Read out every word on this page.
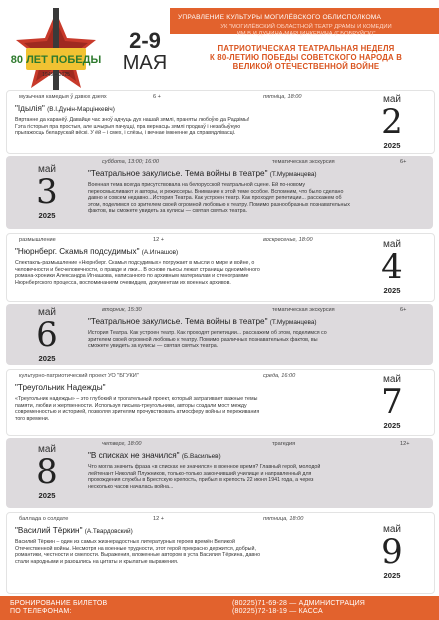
80 ЛЕТ ПОБЕДЫ
1945 – 2025
УПРАВЛЕНИЕ КУЛЬТУРЫ МОГИЛЁВСКОГО ОБЛИСПОЛКОМА
УК "МОГИЛЁВСКИЙ ОБЛАСТНОЙ ТЕАТР ДРАМЫ И КОМЕДИИ
ИМ.В.И.ДУНИНА-МАРЦИНКЕВИЧА (Г.БОБРУЙСК)"
2-9
МАЯ
ПАТРИОТИЧЕСКАЯ ТЕАТРАЛЬНАЯ НЕДЕЛЯ
К 80-ЛЕТИЮ ПОБЕДЫ СОВЕТСКОГО НАРОДА В
ВЕЛИКОЙ ОТЕЧЕСТВЕННОЙ ВОЙНЕ
музычная камедыя ў дзвюх дзеях	6 +	пятніца, 18:00
"Ідылія" (В.І.Дунін-Марцінкевіч)
Вяртанне да каранёў. Давайце час знοў адчуць дух нашай зямлі, праняты любоўю да Радзімы!
Гэта гісторыя пра простыя, але шчырыя пачуцці, пра вернасць зямлі продкаў і незабыўную
прыгажосць беларускай вёскі. У ёй – і смех, і слёзы, і вечнае імкненне да справядлівасці.
май
2
2025
суббота, 13:00; 16:00	тематическая экскурсия	6+
"Театральное закулисье. Тема войны в театре" (Т.Мурманцева)
Военная тема всегда присутствовала на белорусской театральной сцене. Ей по-новому
переосмысливают и авторы, и режиссеры. Внимание к этой теме особое. Вспомним, что было сделано
давно и совсем недавно...История Театра. Как устроен театр. Как проходят репетиции... расскажем об
этом, поделимся со зрителем своей огромной любовью к театру. Помимо разнообразных познавательных
фактов, вы сможете увидеть за кулисы — святая святых театра.
май
3
2025
размышление	12 +	воскресенье, 18:00
"Нюрнберг. Скамья подсудимых" (А.Игнашов)
Спектакль-размышление «Нюрнберг. Скамья подсудимых» погружает в мысли о мире и войне, о
человечности и бесчеловечности, о правде и лжи... В основе пьесы лежат страницы одноимённого
романа-хроники Александра Игнашова, написанного по архивным материалам и стенограмме
Нюрнбергского процесса, воспоминаниям очевидцев, документам их военных архивов.
май
4
2025
вторник, 15:30	тематическая экскурсия	6+
"Театральное закулисье. Тема войны в театре" (Т.Мурманцева)
История Театра. Как устроен театр. Как проходят репетиции... расскажем об этом, поделимся со
зрителем своей огромной любовью к театру. Помимо различных познавательных фактов, вы
сможете увидеть за кулисы — святая святых театра.
май
6
2025
культурно-патриотический проект УО "БГУКИ"	среда, 16:00
"Треугольник Надежды"
«Треугольник надежды» – это глубокий и трогательный проект, который затрагивает важные темы
памяти, любви и жертвенности. Используя письма-треугольники, авторы создали мост между
современностью и историей, позволяя зрителям прочувствовать атмосферу войны и переживания
того времени.
май
7
2025
четверг, 18:00	трагедия	12+
"В списках не значился" (Б.Васильев)
Что могла значить фраза «в списках не значился» в военное время? Главный герой, молодой
лейтенант Николай Плужников, только-только закончивший училище и направленный для
прохождения службы в Брестскую крепость, прибыл в крепость 22 июня 1941 года, а через
несколько часов началась война...
май
8
2025
баллада о солдате	12 +	пятница, 18:00
"Василий Тёркин" (А.Твардовский)
Василий Тёркин – один из самых жизнерадостных литературных героев времён Великой
Отечественной войны. Несмотря на военные трудности, этот герой прекрасно держится, добрый,
романтики, честности и смелости. Выражения, вложенные автором в уста Василия Тёркина, давно
стали народными и разошлись на цитаты и крылатые выражения.
май
9
2025
БРОНИРОВАНИЕ БИЛЕТОВ
ПО ТЕЛЕФОНАМ:
(80225)71-69-28 — АДМИНИСТРАЦИЯ
(80225)72-18-19 — КАССА
